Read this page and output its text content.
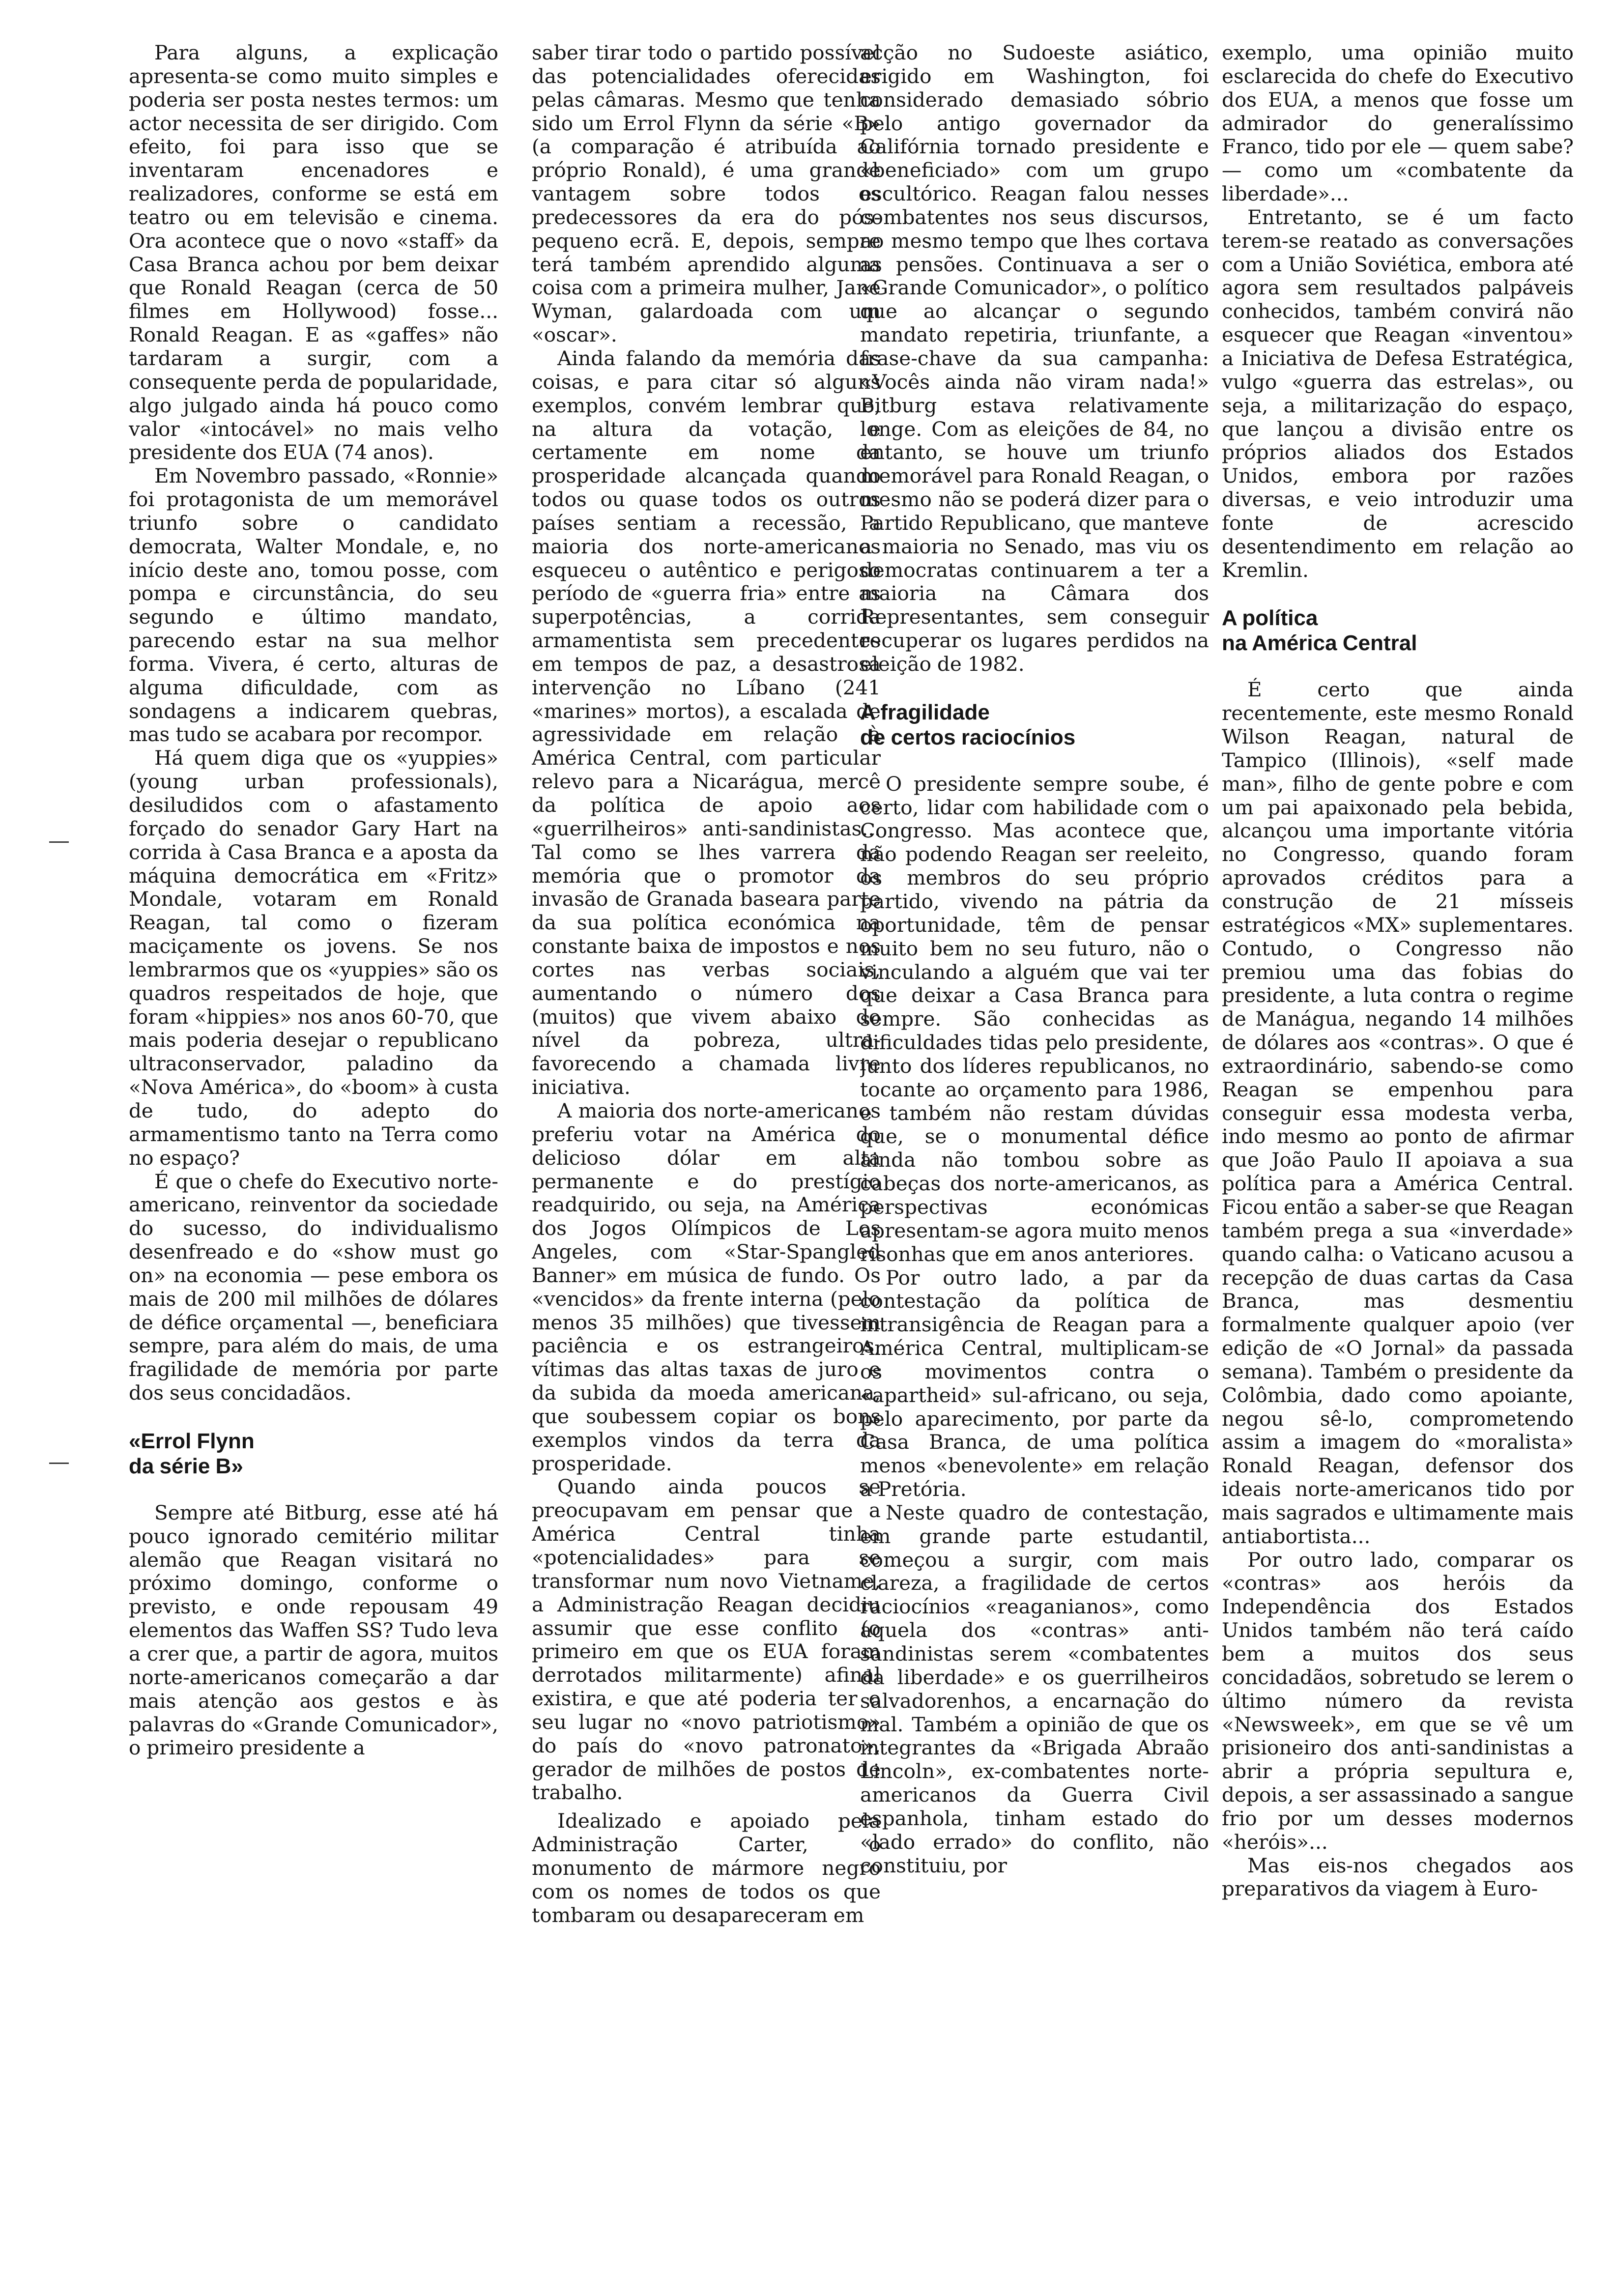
Para alguns, a explicação apresenta-se como muito simples e poderia ser posta nestes termos: um actor necessita de ser dirigido. Com efeito, foi para isso que se inventaram encenadores e realizadores, conforme se está em teatro ou em televisão e cinema. Ora acontece que o novo «staff» da Casa Branca achou por bem deixar que Ronald Reagan (cerca de 50 filmes em Hollywood) fosse... Ronald Reagan. E as «gaffes» não tardaram a surgir, com a consequente perda de popularidade, algo julgado ainda há pouco como valor «intocável» no mais velho presidente dos EUA (74 anos).

Em Novembro passado, «Ronnie» foi protagonista de um memorável triunfo sobre o candidato democrata, Walter Mondale, e, no início deste ano, tomou posse, com pompa e circunstância, do seu segundo e último mandato, parecendo estar na sua melhor forma. Vivera, é certo, alturas de alguma dificuldade, com as sondagens a indicarem quebras, mas tudo se acabara por recompor.

Há quem diga que os «yuppies» (young urban professionals), desiludidos com o afastamento forçado do senador Gary Hart na corrida à Casa Branca e a aposta da máquina democrática em «Fritz» Mondale, votaram em Ronald Reagan, tal como o fizeram maciçamente os jovens. Se nos lembrarmos que os «yuppies» são os quadros respeitados de hoje, que foram «hippies» nos anos 60-70, que mais poderia desejar o republicano ultraconservador, paladino da «Nova América», do «boom» à custa de tudo, do adepto do armamentismo tanto na Terra como no espaço?

É que o chefe do Executivo norte-americano, reinventor da sociedade do sucesso, do individualismo desenfreado e do «show must go on» na economia — pese embora os mais de 200 mil milhões de dólares de défice orçamental —, beneficiara sempre, para além do mais, de uma fragilidade de memória por parte dos seus concidadãos.

«Errol Flynn
da série B»

Sempre até Bitburg, esse até há pouco ignorado cemitério militar alemão que Reagan visitará no próximo domingo, conforme o previsto, e onde repousam 49 elementos das Waffen SS? Tudo leva a crer que, a partir de agora, muitos norte-americanos começarão a dar mais atenção aos gestos e às palavras do «Grande Comunicador», o primeiro presidente a

saber tirar todo o partido possível das potencialidades oferecidas pelas câmaras. Mesmo que tenha sido um Errol Flynn da série «B» (a comparação é atribuída ao próprio Ronald), é uma grande vantagem sobre todos os predecessores da era do pós-pequeno ecrã. E, depois, sempre terá também aprendido alguma coisa com a primeira mulher, Jane Wyman, galardoada com um «oscar».

Ainda falando da memória das coisas, e para citar só alguns exemplos, convém lembrar que, na altura da votação, e certamente em nome da prosperidade alcançada quando todos ou quase todos os outros países sentiam a recessão, a maioria dos norte-americanos esqueceu o autêntico e perigoso período de «guerra fria» entre as superpotências, a corrida armamentista sem precedentes em tempos de paz, a desastrosa intervenção no Líbano (241 «marines» mortos), a escalada de agressividade em relação à América Central, com particular relevo para a Nicarágua, mercê da política de apoio aos «guerrilheiros» anti-sandinistas... Tal como se lhes varrera da memória que o promotor da invasão de Granada baseara parte da sua política económica na constante baixa de impostos e nos cortes nas verbas sociais, aumentando o número dos (muitos) que vivem abaixo do nível da pobreza, ultra-favorecendo a chamada livre iniciativa.

A maioria dos norte-americanos preferiu votar na América do delicioso dólar em alta permanente e do prestígio readquirido, ou seja, na América dos Jogos Olímpicos de Los Angeles, com «Star-Spangled Banner» em música de fundo. Os «vencidos» da frente interna (pelo menos 35 milhões) que tivessem paciência e os estrangeiros, vítimas das altas taxas de juro e da subida da moeda americana, que soubessem copiar os bons exemplos vindos da terra da prosperidade.

Quando ainda poucos se preocupavam em pensar que a América Central tinha «potencialidades» para se transformar num novo Vietname, a Administração Reagan decidiu assumir que esse conflito (o primeiro em que os EUA foram derrotados militarmente) afinal existira, e que até poderia ter o seu lugar no «novo patriotismo» do país do «novo patronato», gerador de milhões de postos de trabalho.

Idealizado e apoiado pela Administração Carter, o monumento de mármore negro com os nomes de todos os que tombaram ou desapareceram em

acção no Sudoeste asiático, erigido em Washington, foi considerado demasiado sóbrio pelo antigo governador da Califórnia tornado presidente e «beneficiado» com um grupo escultórico. Reagan falou nesses combatentes nos seus discursos, ao mesmo tempo que lhes cortava as pensões. Continuava a ser o «Grande Comunicador», o político que ao alcançar o segundo mandato repetiria, triunfante, a frase-chave da sua campanha: «Vocês ainda não viram nada!» Bitburg estava relativamente longe. Com as eleições de 84, no entanto, se houve um triunfo memorável para Ronald Reagan, o mesmo não se poderá dizer para o Partido Republicano, que manteve a maioria no Senado, mas viu os democratas continuarem a ter a maioria na Câmara dos Representantes, sem conseguir recuperar os lugares perdidos na eleição de 1982.

A fragilidade
de certos raciocínios

O presidente sempre soube, é certo, lidar com habilidade com o Congresso. Mas acontece que, não podendo Reagan ser reeleito, os membros do seu próprio partido, vivendo na pátria da oportunidade, têm de pensar muito bem no seu futuro, não o vinculando a alguém que vai ter que deixar a Casa Branca para sempre. São conhecidas as dificuldades tidas pelo presidente, junto dos líderes republicanos, no tocante ao orçamento para 1986, e também não restam dúvidas que, se o monumental défice ainda não tombou sobre as cabeças dos norte-americanos, as perspectivas económicas apresentam-se agora muito menos risonhas que em anos anteriores.

Por outro lado, a par da contestação da política de intransigência de Reagan para a América Central, multiplicam-se os movimentos contra o «apartheid» sul-africano, ou seja, pelo aparecimento, por parte da Casa Branca, de uma política menos «benevolente» em relação a Pretória.

Neste quadro de contestação, em grande parte estudantil, começou a surgir, com mais clareza, a fragilidade de certos raciocínios «reaganianos», como aquela dos «contras» anti-sandinistas serem «combatentes da liberdade» e os guerrilheiros salvadorenhos, a encarnação do mal. Também a opinião de que os integrantes da «Brigada Abraão Lincoln», ex-combatentes norte-americanos da Guerra Civil espanhola, tinham estado do «lado errado» do conflito, não constituiu, por

exemplo, uma opinião muito esclarecida do chefe do Executivo dos EUA, a menos que fosse um admirador do generalíssimo Franco, tido por ele — quem sabe? — como um «combatente da liberdade»...

Entretanto, se é um facto terem-se reatado as conversações com a União Soviética, embora até agora sem resultados palpáveis conhecidos, também convirá não esquecer que Reagan «inventou» a Iniciativa de Defesa Estratégica, vulgo «guerra das estrelas», ou seja, a militarização do espaço, que lançou a divisão entre os próprios aliados dos Estados Unidos, embora por razões diversas, e veio introduzir uma fonte de acrescido desentendimento em relação ao Kremlin.

A política
na América Central

É certo que ainda recentemente, este mesmo Ronald Wilson Reagan, natural de Tampico (Illinois), «self made man», filho de gente pobre e com um pai apaixonado pela bebida, alcançou uma importante vitória no Congresso, quando foram aprovados créditos para a construção de 21 mísseis estratégicos «MX» suplementares. Contudo, o Congresso não premiou uma das fobias do presidente, a luta contra o regime de Manágua, negando 14 milhões de dólares aos «contras». O que é extraordinário, sabendo-se como Reagan se empenhou para conseguir essa modesta verba, indo mesmo ao ponto de afirmar que João Paulo II apoiava a sua política para a América Central. Ficou então a saber-se que Reagan também prega a sua «inverdade» quando calha: o Vaticano acusou a recepção de duas cartas da Casa Branca, mas desmentiu formalmente qualquer apoio (ver edição de «O Jornal» da passada semana). Também o presidente da Colômbia, dado como apoiante, negou sê-lo, comprometendo assim a imagem do «moralista» Ronald Reagan, defensor dos ideais norte-americanos tido por mais sagrados e ultimamente mais antiabortista...

Por outro lado, comparar os «contras» aos heróis da Independência dos Estados Unidos também não terá caído bem a muitos dos seus concidadãos, sobretudo se lerem o último número da revista «Newsweek», em que se vê um prisioneiro dos anti-sandinistas a abrir a própria sepultura e, depois, a ser assassinado a sangue frio por um desses modernos «heróis»...

Mas eis-nos chegados aos preparativos da viagem à Euro-
